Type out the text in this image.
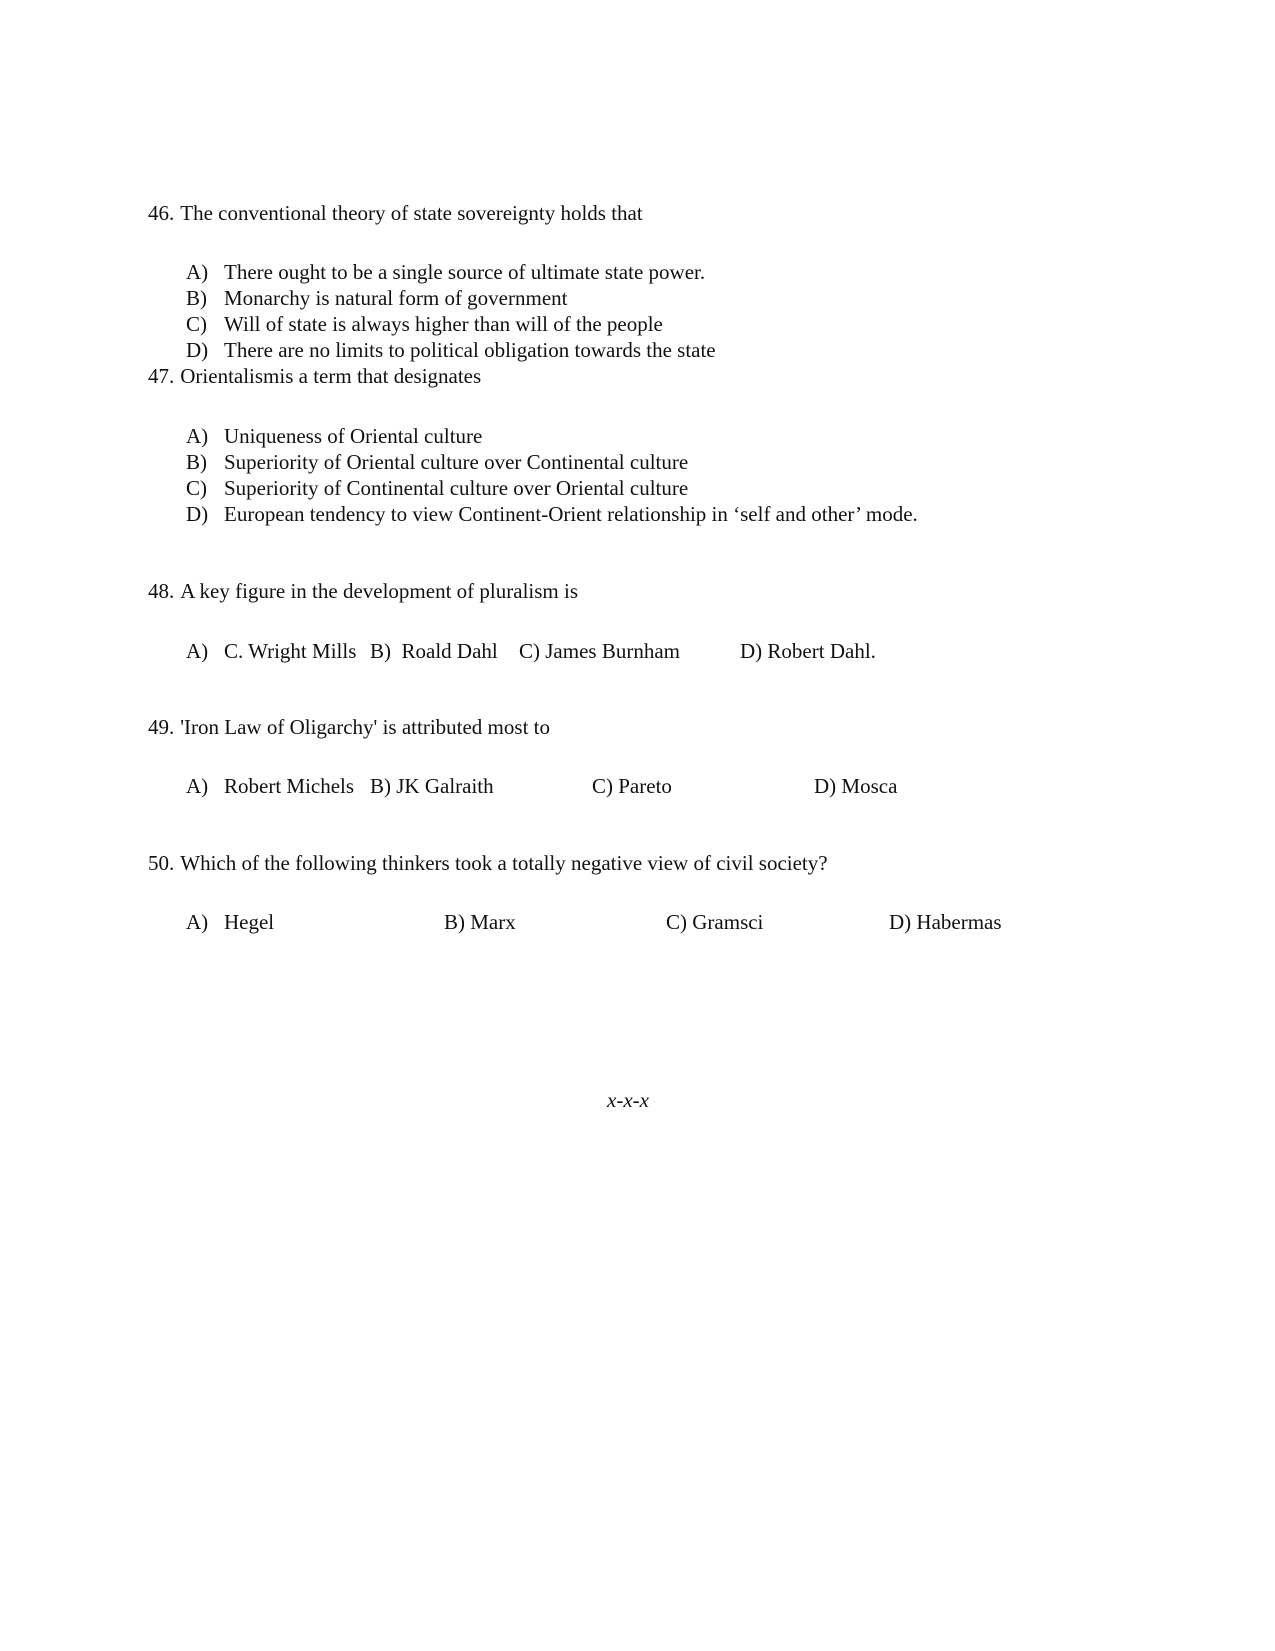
46. The conventional theory of state sovereignty holds that
A) There ought to be a single source of ultimate state power.
B) Monarchy is natural form of government
C) Will of state is always higher than will of the people
D) There are no limits to political obligation towards the state
47. Orientalismis a term that designates
A) Uniqueness of Oriental culture
B) Superiority of Oriental culture over Continental culture
C) Superiority of Continental culture over Oriental culture
D) European tendency to view Continent-Orient relationship in ‘self and other’ mode.
48. A key figure in the development of pluralism is
A) C. Wright Mills B) Roald Dahl C) James Burnham	D) Robert Dahl.
49. 'Iron Law of Oligarchy' is attributed most to
A) Robert Michels B) JK Galraith	C) Pareto	D) Mosca
50. Which of the following thinkers took a totally negative view of civil society?
A) Hegel	B) Marx	C) Gramsci	D) Habermas
x-x-x
